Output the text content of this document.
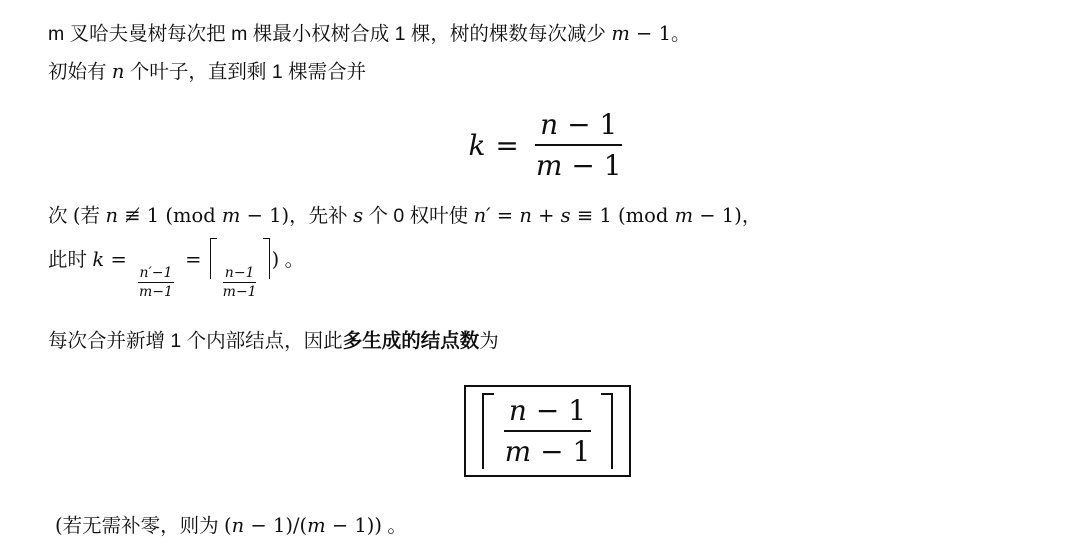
m 叉哈夫曼树每次把 m 棵最小权树合成 1 棵，树的棵数每次减少 m − 1。
初始有 n 个叶子，直到剩 1 棵需合并
$k = \frac{n - 1}{m - 1}$
次 (若 n ≢ 1 (mod m − 1)，先补 s 个 0 权叶使 n′ = n + s ≡ 1 (mod m − 1)，
此时 k =
$\frac{n'-1}{m-1}$
=
$\frac{n-1}{m-1}$
) 。
每次合并新增 1 个内部结点，因此多生成的结点数为
$\frac{n - 1}{m - 1}$
(若无需补零，则为 (n − 1)/(m − 1)) 。
